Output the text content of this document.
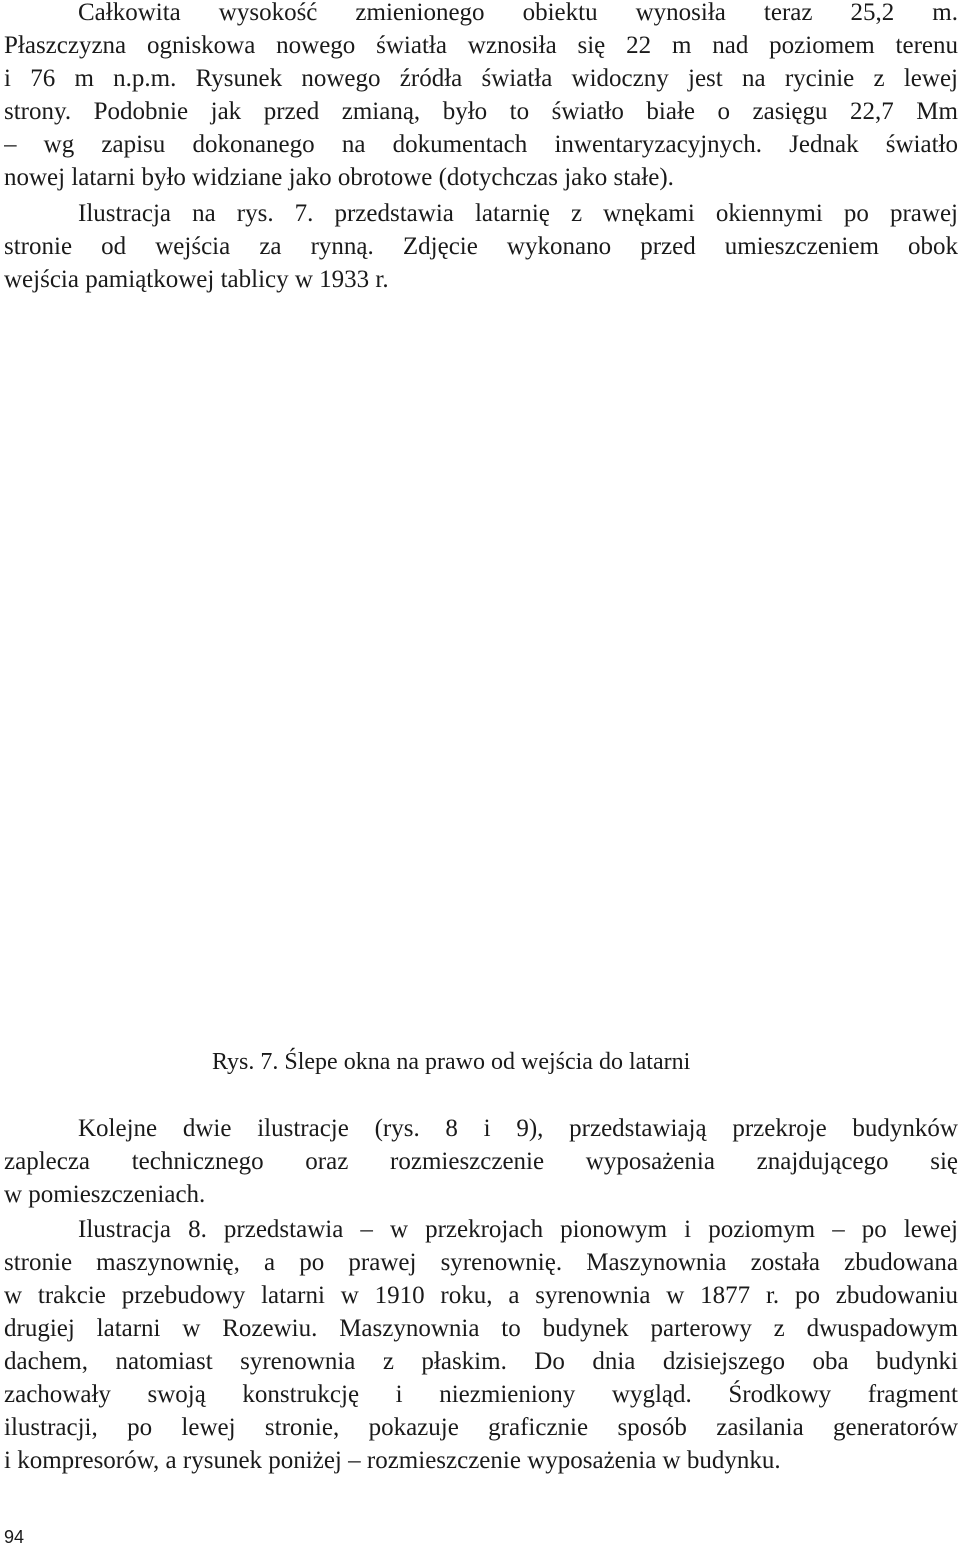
Całkowita wysokość zmienionego obiektu wynosiła teraz 25,2 m.
Płaszczyzna ogniskowa nowego światła wznosiła się 22 m nad poziomem terenu
i 76 m n.p.m. Rysunek nowego źródła światła widoczny jest na rycinie z lewej
strony. Podobnie jak przed zmianą, było to światło białe o zasięgu 22,7 Mm
– wg zapisu dokonanego na dokumentach inwentaryzacyjnych. Jednak światło
nowej latarni było widziane jako obrotowe (dotychczas jako stałe).
Ilustracja na rys. 7. przedstawia latarnię z wnękami okiennymi po prawej
stronie od wejścia za rynną. Zdjęcie wykonano przed umieszczeniem obok
wejścia pamiątkowej tablicy w 1933 r.
Rys. 7. Ślepe okna na prawo od wejścia do latarni
Kolejne dwie ilustracje (rys. 8 i 9), przedstawiają przekroje budynków
zaplecza technicznego oraz rozmieszczenie wyposażenia znajdującego się
w pomieszczeniach.
Ilustracja 8. przedstawia – w przekrojach pionowym i poziomym – po lewej
stronie maszynownię, a po prawej syrenownię. Maszynownia została zbudowana
w trakcie przebudowy latarni w 1910 roku, a syrenownia w 1877 r. po zbudowaniu
drugiej latarni w Rozewiu. Maszynownia to budynek parterowy z dwuspadowym
dachem, natomiast syrenownia z płaskim. Do dnia dzisiejszego oba budynki
zachowały swoją konstrukcję i niezmieniony wygląd. Środkowy fragment
ilustracji, po lewej stronie, pokazuje graficznie sposób zasilania generatorów
i kompresorów, a rysunek poniżej – rozmieszczenie wyposażenia w budynku.
94
